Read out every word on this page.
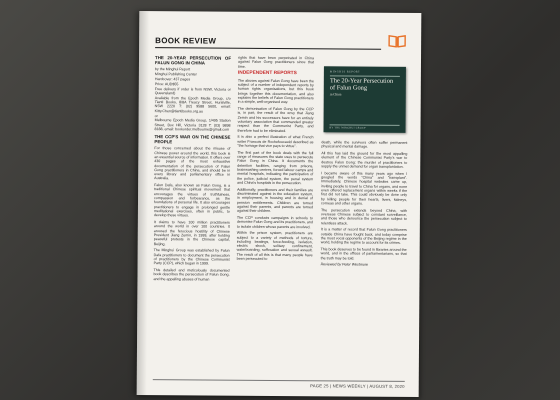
BOOK REVIEW
THE 20-YEAR PERSECUTION OF FALUN GONG IN CHINA

by the Minghui Report

Minghui Publishing Center

Hardcover: 437 pages

Price: AUD$55

Free delivery if order is from NSW, Victoria or Queensland)

Available from the Epoch Media Group, c/o Tianti Books, 8/8A Treacy Street, Hurstville, NSW 2220 T: (02) 9588 5600, email: Kitty.Chen@tiantibooks.org.au

or

Melbourne Epoch Media Group, 1/495 Station Street, Box Hill, Victoria 3128 T: (03) 9898 8188, email: bookorder.melbourne@gmail.com

THE CCP'S WAR ON THE CHINESE PEOPLE

For those concerned about the misuse of Chinese power around the world, this book is an essential source of information. It offers over 430 pages of the most exhaustive documentation of the persecution of Falun Gong practitioners in China, and should be in every library and parliamentary office in Australia.

Falun Dafa, also known as Falun Gong, is a traditional Chinese spiritual movement that encourages the virtues of truthfulness, compassion and forbearance, as the foundations of personal life. It also encourages practitioners to engage in prolonged gentle meditational exercises, often in public, to develop these virtues.

It claims to have 100 million practitioners around the world in over 100 countries. It aroused the ferocious hostility of Chinese President Jiang Zemin, in 1999, after holding peaceful protests in the Chinese capital, Beijing.

The Minghui Group was established by Falun Dafa practitioners to document the persecution of practitioners by the Chinese Communist Party (CCP), which began in 1999.

This detailed and meticulously documented book describes the persecution of Falun Gong, and the appalling abuses of human

rights that have been perpetrated in China against Falun Gong practitioners since that time.

INDEPENDENT REPORTS

The abuses against Falun Gong have been the subject of a number of independent reports by human rights organisations, but this book brings together this documentation, and also explains the beliefs of Falun Gong practitioners in a simple, well-organised way.

The demonisation of Falun Gong by the CCP is, in part, the result of the envy that Jiang Zemin and his successors have for an entirely voluntary association that commanded greater respect than the Communist Party, and therefore had to be eliminated.

It is also a perfect illustration of what French writer Francois de Rochefoucauld described as "the homage that vice pays to virtue".

The first part of the book deals with the full range of measures the state uses to persecute Falun Gong in China. It documents the detention facilities, ranging from prisons, brainwashing centres, forced labour camps and mental hospitals, indicating the participation of the police, judicial system, the penal system and China's hospitals in the persecution.

Additionally, practitioners and their families are discriminated against in the education system, in employment, in housing and in denial of pension entitlements. Children are turned against their parents, and parents are turned against their children.

The CCP conducts campaigns in schools to demonise Falun Gong and its practitioners, and to isolate children whose parents are involved.

Within the prison system, practitioners are subject to a variety of methods of torture, including beatings, force-feeding, isolation, electric shock, solitary confinement, waterboarding, suffocation and sexual assault. The result of all this is that many people have been persecuted to

MINGHUI REPORT
The 20-Year Persecution of Falun Gong
in China
BY THE MINGHUI GROUP

death, while the survivors often suffer permanent physical and mental damage.

All this has laid the ground for the most appalling element of the Chinese Communist Party's war to destroy Falun Gong: the murder of practitioners to supply the unmet demand for organ transplantation.

I became aware of this many years ago when I googled the words "China" and "transplant". Immediately, Chinese hospital websites came up, inviting people to travel to China for organs, and none even offered replacement organs within weeks if the first did not take. This could obviously be done only by killing people for their hearts, livers, kidneys, corneas and other organs.

The persecution extends beyond China, with overseas Chinese subject to constant surveillance, and those who denounce the persecution subject to relentless attack.

It is a matter of record that Falun Gong practitioners outside China have fought back, and today comprise the most vocal opponents of the Beijing regime in the world, holding the regime to account for its crimes.

This book deserves to be found in libraries around the world, and in the offices of parliamentarians, so that the truth may be told.

Reviewed by Peter Westmore

PAGE 25 | NEWS WEEKLY | AUGUST 8, 2020
